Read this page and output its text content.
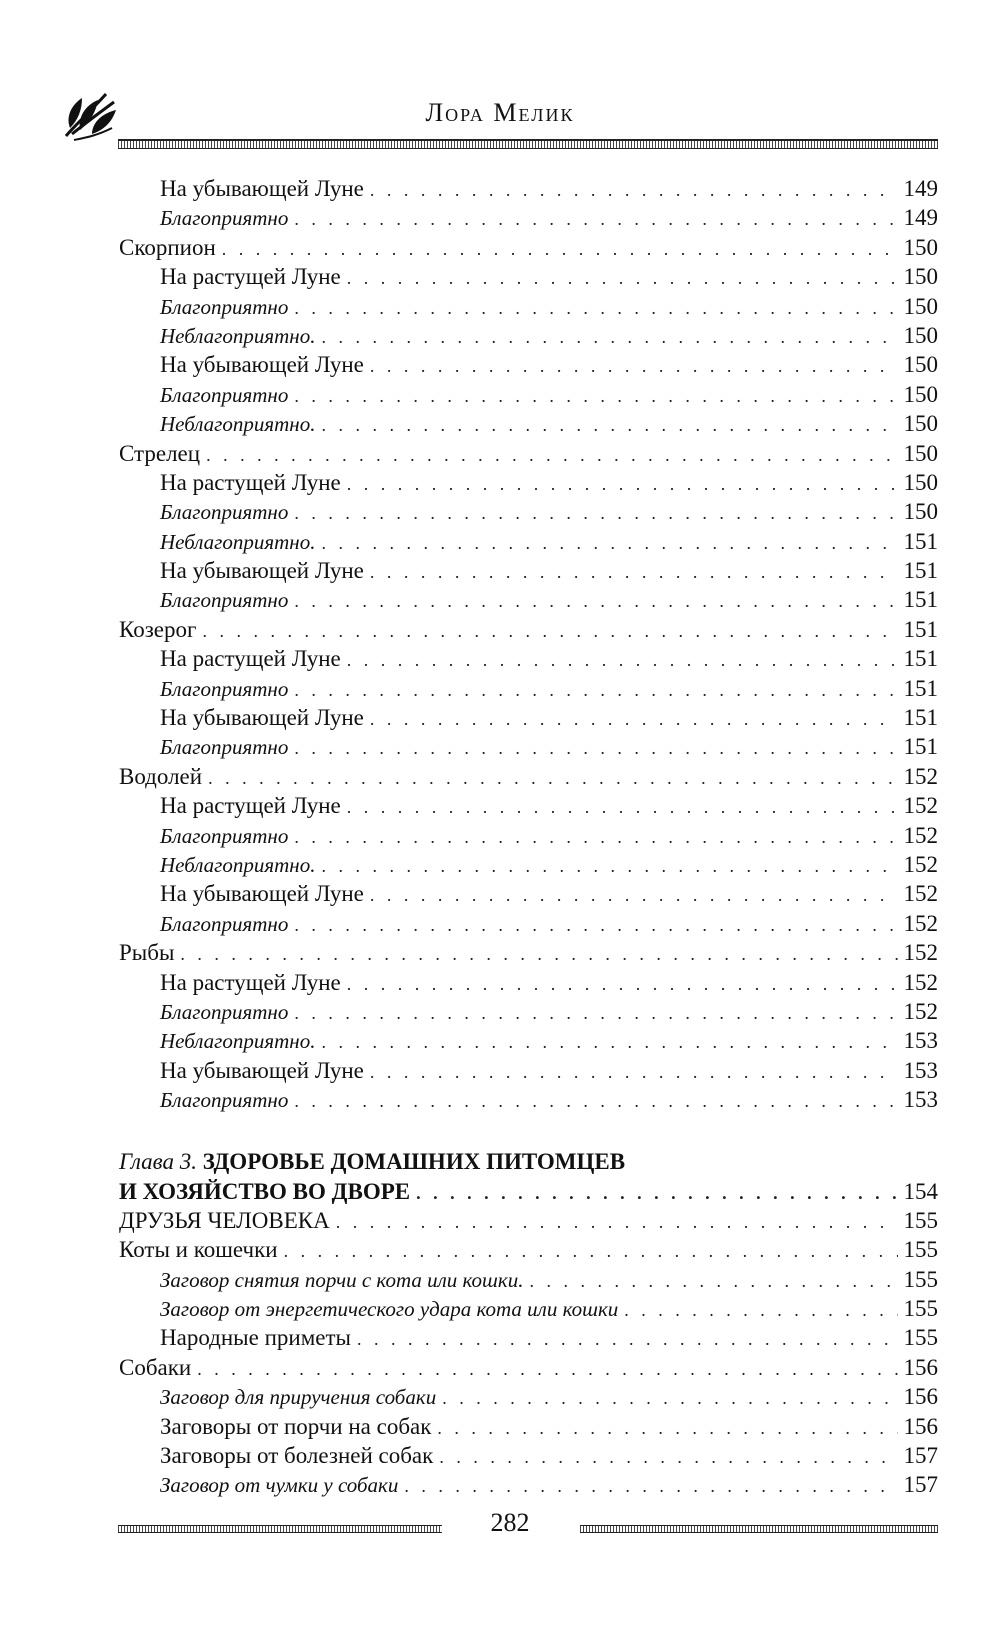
Лора Мелик
На убывающей Луне . . .	149
Благоприятно . . .	149
Скорпион . . .	150
На растущей Луне . . .	150
Благоприятно . . .	150
Неблагоприятно. . . .	150
На убывающей Луне . . .	150
Благоприятно . . .	150
Неблагоприятно. . . .	150
Стрелец . . .	150
На растущей Луне . . .	150
Благоприятно . . .	150
Неблагоприятно. . . .	151
На убывающей Луне . . .	151
Благоприятно . . .	151
Козерог . . .	151
На растущей Луне . . .	151
Благоприятно . . .	151
На убывающей Луне . . .	151
Благоприятно . . .	151
Водолей . . .	152
На растущей Луне . . .	152
Благоприятно . . .	152
Неблагоприятно. . . .	152
На убывающей Луне . . .	152
Благоприятно . . .	152
Рыбы . . .	152
На растущей Луне . . .	152
Благоприятно . . .	152
Неблагоприятно. . . .	153
На убывающей Луне . . .	153
Благоприятно . . .	153
Глава 3. ЗДОРОВЬЕ ДОМАШНИХ ПИТОМЦЕВ
И ХОЗЯЙСТВО ВО ДВОРЕ . . .	154
ДРУЗЬЯ ЧЕЛОВЕКА . . .	155
Коты и кошечки . . .	155
Заговор снятия порчи с кота или кошки. . . .	155
Заговор от энергетического удара кота или кошки . . .	155
Народные приметы . . .	155
Собаки . . .	156
Заговор для приручения собаки . . .	156
Заговоры от порчи на собак . . .	156
Заговоры от болезней собак . . .	157
Заговор от чумки у собаки . . .	157
282
